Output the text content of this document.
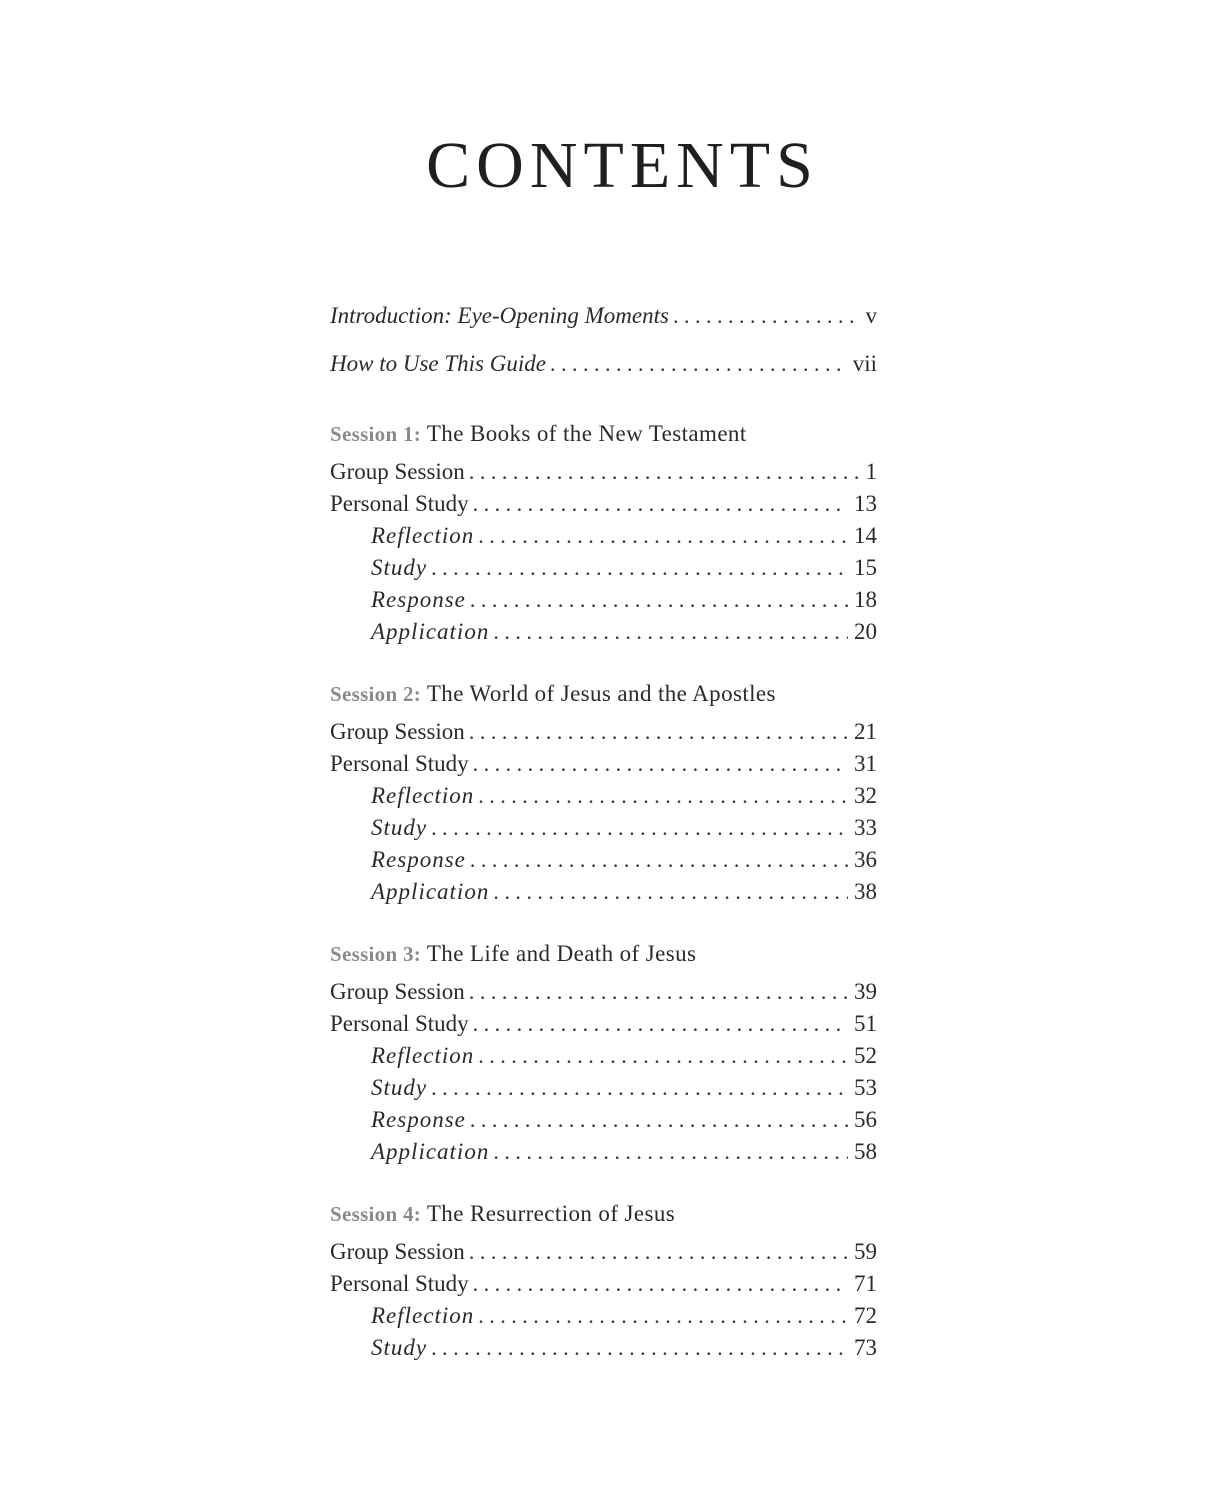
CONTENTS
Introduction: Eye-Opening Moments . . .	v
How to Use This Guide . . .	vii
Session 1: The Books of the New Testament
Group Session . . .	1
Personal Study . . .	13
Reflection . . .	14
Study . . .	15
Response . . .	18
Application . . .	20
Session 2: The World of Jesus and the Apostles
Group Session . . .	21
Personal Study . . .	31
Reflection . . .	32
Study . . .	33
Response . . .	36
Application . . .	38
Session 3: The Life and Death of Jesus
Group Session . . .	39
Personal Study . . .	51
Reflection . . .	52
Study . . .	53
Response . . .	56
Application . . .	58
Session 4: The Resurrection of Jesus
Group Session . . .	59
Personal Study . . .	71
Reflection . . .	72
Study . . .	73
